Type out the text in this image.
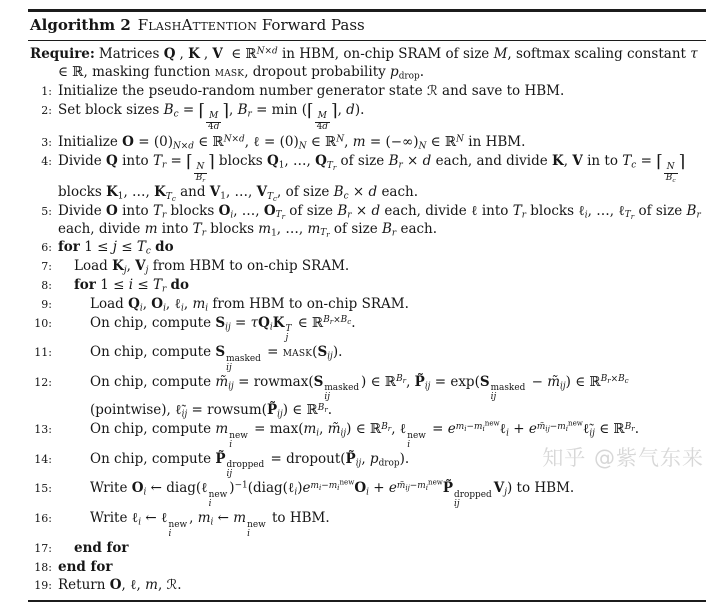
Algorithm 2 FlashAttention Forward Pass
Require: Matrices Q , K , V ∈ ℝ$^{N\times d}$ in HBM, on-chip SRAM of size M, softmax scaling constant τ ∈ ℝ, masking function mask, dropout probability $p_{drop}$.
1: Initialize the pseudo-random number generator state ℛ and save to HBM.
2: Set block sizes $B_c$ = ⌈
$\frac{M}{4d}$
⌉, $B_r = \min$ (⌈
$\frac{M}{4d}$
⌉, d).
3: Initialize $O = (0)_{N\times d}$ ∈ ℝ$^{N\times d}$, ℓ = $(0)_N$ ∈ ℝ$^N$, $m = (-\infty)_N$ ∈ ℝ$^N$ in HBM.
4: Divide Q into $T_r$ = ⌈
$\frac{N}{B_r}$
⌉ blocks $Q_1$, …, $Q_{T_r}$ of size $B_r \times d$ each, and divide K, V in to $T_c$ = ⌈
$\frac{N}{B_c}$
⌉ blocks $K_1$, …, $K_{T_c}$ and $V_1$, …, $V_{T_c}$, of size $B_c \times d$ each.
5: Divide O into $T_r$ blocks $O_i$, …, $O_{T_r}$ of size $B_r \times d$ each, divide ℓ into $T_r$ blocks ℓ$_i$, …, ℓ$_{T_r}$ of size $B_r$ each, divide m into $T_r$ blocks $m_1$, …, $m_{T_r}$ of size $B_r$ each.
6: for $1 \le j \le T_c$ do
7:	Load $K_j$, $V_j$ from HBM to on-chip SRAM.
8:	for $1 \le i \le T_r$ do
9:	Load $Q_i$, $O_i$, ℓ$_i$, $m_i$ from HBM to on-chip SRAM.
10:	On chip, compute $S_{ij} = \tau Q_iK$ T
j
∈ ℝ$^{B_r\times B_c}$.
11:	On chip, compute S masked
ij
= $mask(S_{ij})$.
12:	On chip, compute $m̃_{ij} = rowmax(S$ masked
ij
) ∈ ℝ$^{B_r}$, $P̃_{ij} = \exp(S$ masked
ij
− $m̃_{ij}$) ∈ ℝ$^{B_r\times B_c}$ (pointwise), $\ell̃_{ij}$ = $rowsum(P̃_{ij})$ ∈ ℝ$^{B_r}$.
13:	On chip, compute m new
i
= $\max(m_i$, $m̃_{ij}$) ∈ ℝ$^{B_r}$, ℓ new
i
= $e^{m_i-m_i^{new}}\ell_i$ + $e^{m̃_{ij}-m_i^{new}}\ell̃_{ij}$ ∈ ℝ$^{B_r}$.
14:	On chip, compute P̃ dropped
ij
= $dropout(P̃_{ij}$, $p_{drop}$).
15:	Write $O_i$ ← diag(ℓ new
i
)$^{-1}(diag(\ell_i)e^{m_i-m_i^{new}}O_i$ + $e^{m̃_{ij}-m_i^{new}}P̃$ dropped
ij
$V_j$) to HBM.
16:	Write ℓ$_i$ ← ℓ new
i
, $m_i$ ← m new
i
to HBM.
17:	end for
18: end for
19: Return O, ℓ, m, ℛ.
知乎 @紫气东来
